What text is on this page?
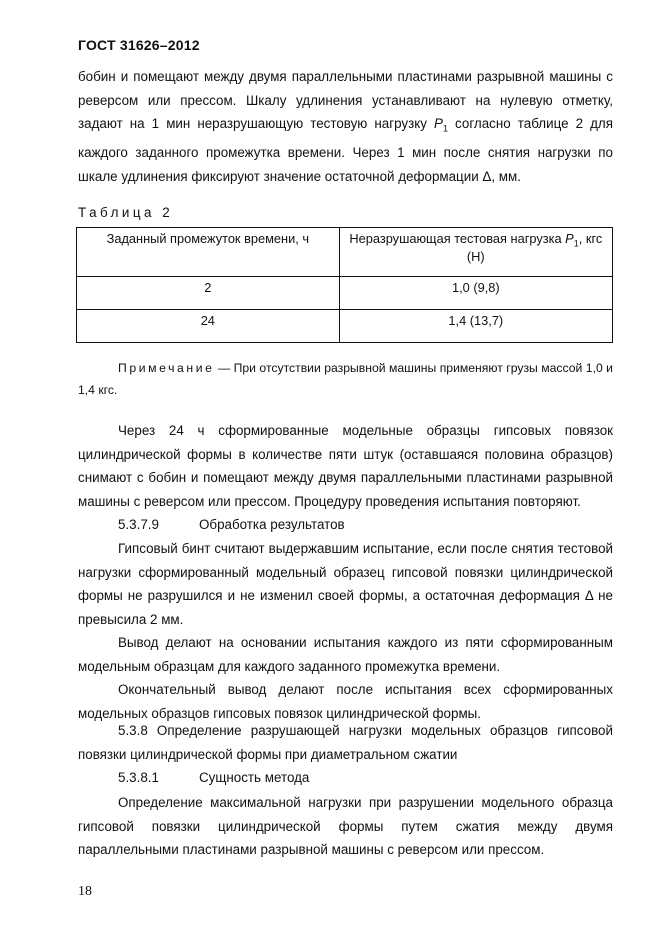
ГОСТ 31626–2012

бобин и помещают между двумя параллельными пластинами разрывной машины с реверсом или прессом. Шкалу удлинения устанавливают на нулевую отметку, задают на 1 мин неразрушающую тестовую нагрузку $P_1$ согласно таблице 2 для каждого заданного промежутка времени. Через 1 мин после снятия нагрузки по шкале удлинения фиксируют значение остаточной деформации Δ, мм.

Таблица 2
Заданный промежуток времени, ч	Неразрушающая тестовая нагрузка $P_1$, кгс (Н)
2	1,0 (9,8)
24	1,4 (13,7)

Примечание — При отсутствии разрывной машины применяют грузы массой 1,0 и 1,4 кгс.

Через 24 ч сформированные модельные образцы гипсовых повязок цилиндрической формы в количестве пяти штук (оставшаяся половина образцов) снимают с бобин и помещают между двумя параллельными пластинами разрывной машины с реверсом или прессом. Процедуру проведения испытания повторяют.

5.3.7.9	Обработка результатов

Гипсовый бинт считают выдержавшим испытание, если после снятия тестовой нагрузки сформированный модельный образец гипсовой повязки цилиндрической формы не разрушился и не изменил своей формы, а остаточная деформация Δ не превысила 2 мм.

Вывод делают на основании испытания каждого из пяти сформированным модельным образцам для каждого заданного промежутка времени.

Окончательный вывод делают после испытания всех сформированных модельных образцов гипсовых повязок цилиндрической формы.

5.3.8 Определение разрушающей нагрузки модельных образцов гипсовой повязки цилиндрической формы при диаметральном сжатии

5.3.8.1	Сущность метода

Определение максимальной нагрузки при разрушении модельного образца гипсовой повязки цилиндрической формы путем сжатия между двумя параллельными пластинами разрывной машины с реверсом или прессом.

18
